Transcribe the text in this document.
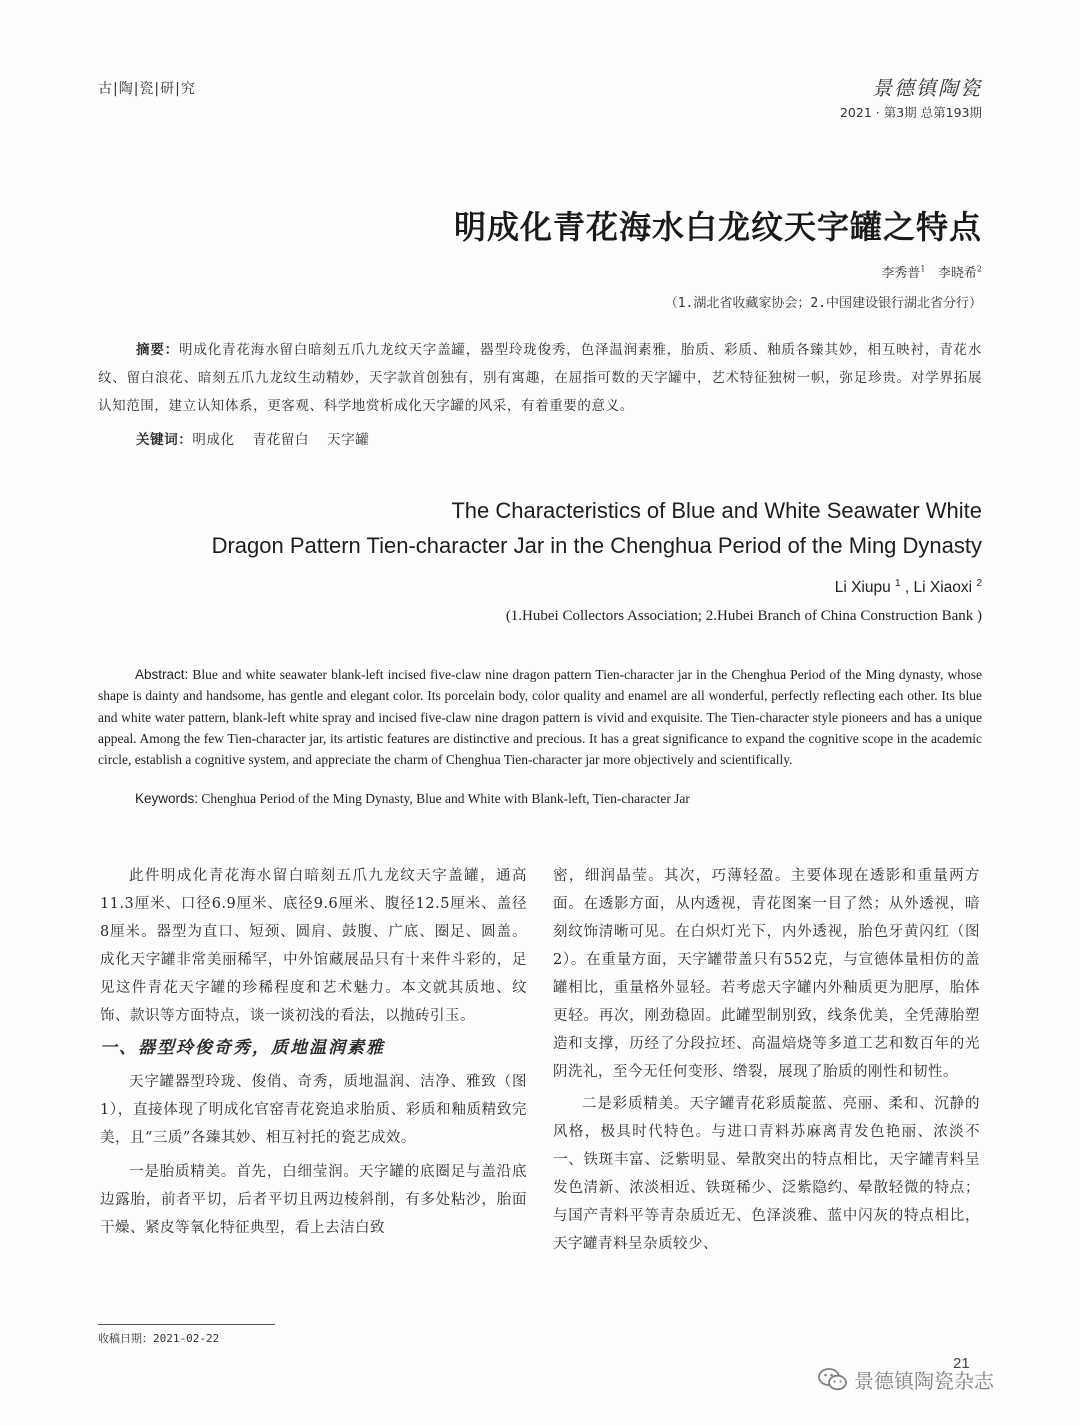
古|陶|瓷|研|究	景德镇陶瓷
2021 · 第3期 总第193期
明成化青花海水白龙纹天字罐之特点
李秀普$^1$ 李晓希$^2$
（1.湖北省收藏家协会；2.中国建设银行湖北省分行）
摘要：明成化青花海水留白暗刻五爪九龙纹天字盖罐，器型玲珑俊秀，色泽温润素雅，胎质、彩质、釉质各臻其妙，相互映衬，青花水纹、留白浪花、暗刻五爪九龙纹生动精妙，天字款首创独有，别有寓趣，在屈指可数的天字罐中，艺术特征独树一帜，弥足珍贵。对学界拓展认知范围，建立认知体系，更客观、科学地赏析成化天字罐的风采，有着重要的意义。
关键词：明成化 青花留白 天字罐
The Characteristics of Blue and White Seawater White
Dragon Pattern Tien-character Jar in the Chenghua Period of the Ming Dynasty
Li Xiupu $^1$ , Li Xiaoxi $^2$
(1.Hubei Collectors Association; 2.Hubei Branch of China Construction Bank )
Abstract: Blue and white seawater blank-left incised five-claw nine dragon pattern Tien-character jar in the Chenghua Period of the Ming dynasty, whose shape is dainty and handsome, has gentle and elegant color. Its porcelain body, color quality and enamel are all wonderful, perfectly reflecting each other. Its blue and white water pattern, blank-left white spray and incised five-claw nine dragon pattern is vivid and exquisite. The Tien-character style pioneers and has a unique appeal. Among the few Tien-character jar, its artistic features are distinctive and precious. It has a great significance to expand the cognitive scope in the academic circle, establish a cognitive system, and appreciate the charm of Chenghua Tien-character jar more objectively and scientifically.
Keywords: Chenghua Period of the Ming Dynasty, Blue and White with Blank-left, Tien-character Jar

此件明成化青花海水留白暗刻五爪九龙纹天字盖罐，通高11.3厘米、口径6.9厘米、底径9.6厘米、腹径12.5厘米、盖径8厘米。器型为直口、短颈、圆肩、鼓腹、广底、圈足、圆盖。成化天字罐非常美丽稀罕，中外馆藏展品只有十来件斗彩的，足见这件青花天字罐的珍稀程度和艺术魅力。本文就其质地、纹饰、款识等方面特点，谈一谈初浅的看法，以抛砖引玉。

一、器型玲俊奇秀，质地温润素雅

天字罐器型玲珑、俊俏、奇秀，质地温润、洁净、雅致（图1），直接体现了明成化官窑青花瓷追求胎质、彩质和釉质精致完美，且“三质”各臻其妙、相互衬托的瓷艺成效。

一是胎质精美。首先，白细莹润。天字罐的底圈足与盖沿底边露胎，前者平切，后者平切且两边棱斜削，有多处粘沙，胎面干燥、紧皮等氧化特征典型，看上去洁白致

密，细润晶莹。其次，巧薄轻盈。主要体现在透影和重量两方面。在透影方面，从内透视，青花图案一目了然；从外透视，暗刻纹饰清晰可见。在白炽灯光下，内外透视，胎色牙黄闪红（图2）。在重量方面，天字罐带盖只有552克，与宣德体量相仿的盖罐相比，重量格外显轻。若考虑天字罐内外釉质更为肥厚，胎体更轻。再次，刚劲稳固。此罐型制别致，线条优美，全凭薄胎塑造和支撑，历经了分段拉坯、高温焙烧等多道工艺和数百年的光阴洗礼，至今无任何变形、绺裂，展现了胎质的刚性和韧性。

二是彩质精美。天字罐青花彩质靛蓝、亮丽、柔和、沉静的风格，极具时代特色。与进口青料苏麻离青发色艳丽、浓淡不一、铁斑丰富、泛紫明显、晕散突出的特点相比，天字罐青料呈发色清新、浓淡相近、铁斑稀少、泛紫隐约、晕散轻微的特点；与国产青料平等青杂质近无、色泽淡雅、蓝中闪灰的特点相比，天字罐青料呈杂质较少、

收稿日期：2021-02-22
21
景德镇陶瓷杂志
